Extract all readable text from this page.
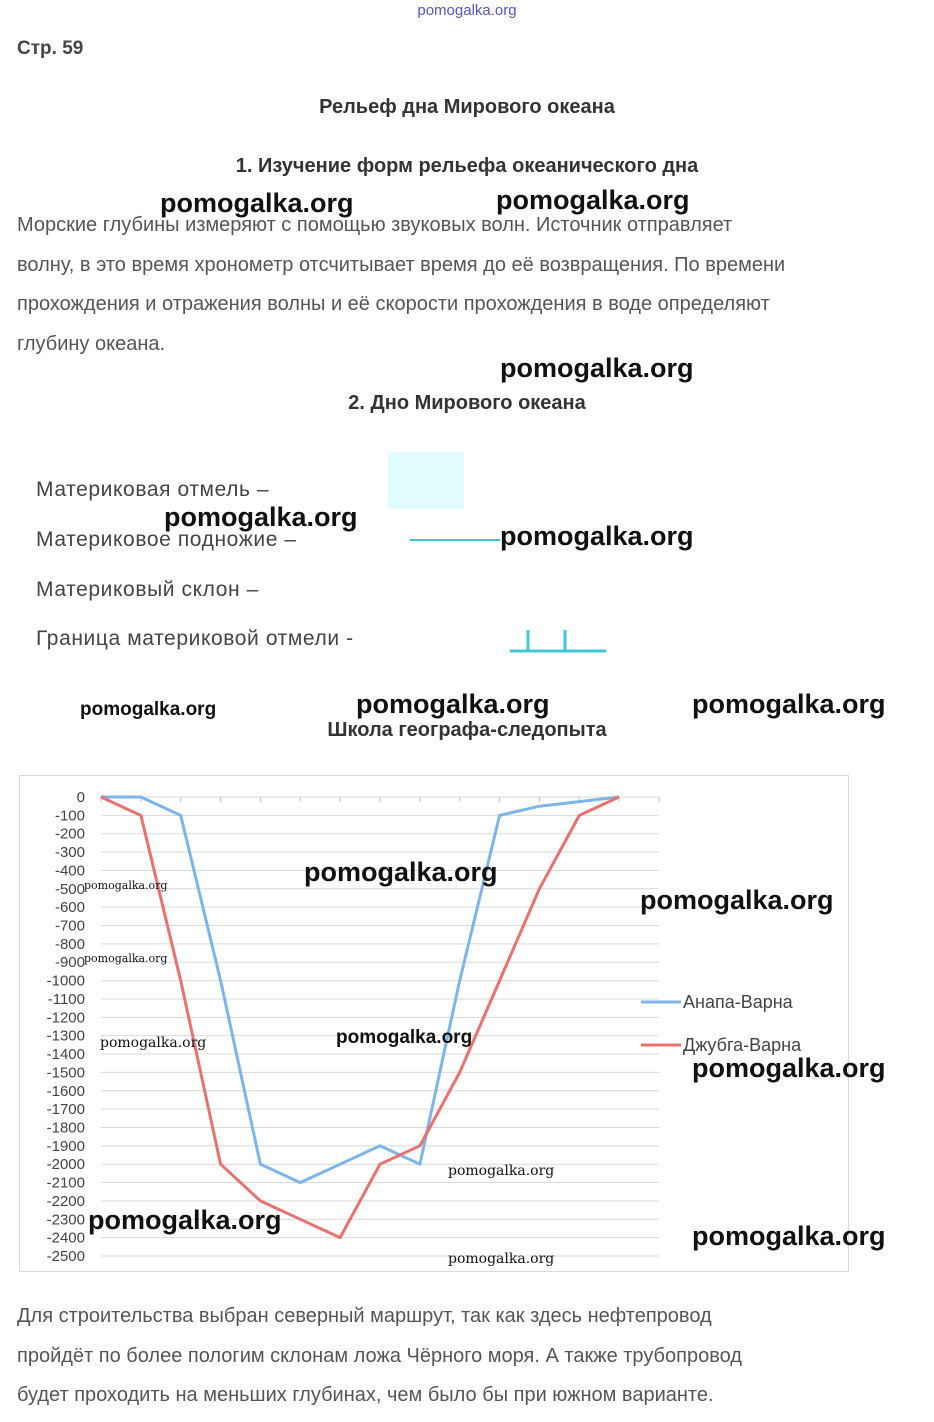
pomogalka.org
Стр. 59
Рельеф дна Мирового океана
1. Изучение форм рельефа океанического дна
Морские глубины измеряют с помощью звуковых волн. Источник отправляет
волну, в это время хронометр отсчитывает время до её возвращения. По времени
прохождения и отражения волны и её скорости прохождения в воде определяют
глубину океана.
2. Дно Мирового океана
Материковая отмель –
Материковое подножие –
Материковый склон –
Граница материковой отмели -
Школа географа-следопыта
0
-100
-200
-300
-400
-500
-600
-700
-800
-900
-1000
-1100
-1200
-1300
-1400
-1500
-1600
-1700
-1800
-1900
-2000
-2100
-2200
-2300
-2400
-2500
Анапа-Варна
Джубга-Варна
Для строительства выбран северный маршрут, так как здесь нефтепровод
пройдёт по более пологим склонам ложа Чёрного моря. А также трубопровод
будет проходить на меньших глубинах, чем было бы при южном варианте.
pomogalka.org	pomogalka.org
pomogalka.org
pomogalka.org
pomogalka.org
pomogalka.org	pomogalka.org	pomogalka.org
pomogalka.org
pomogalka.org
pomogalka.org
pomogalka.org
pomogalka.org	pomogalka.org
pomogalka.org
pomogalka.org
pomogalka.org
pomogalka.org
pomogalka.org
